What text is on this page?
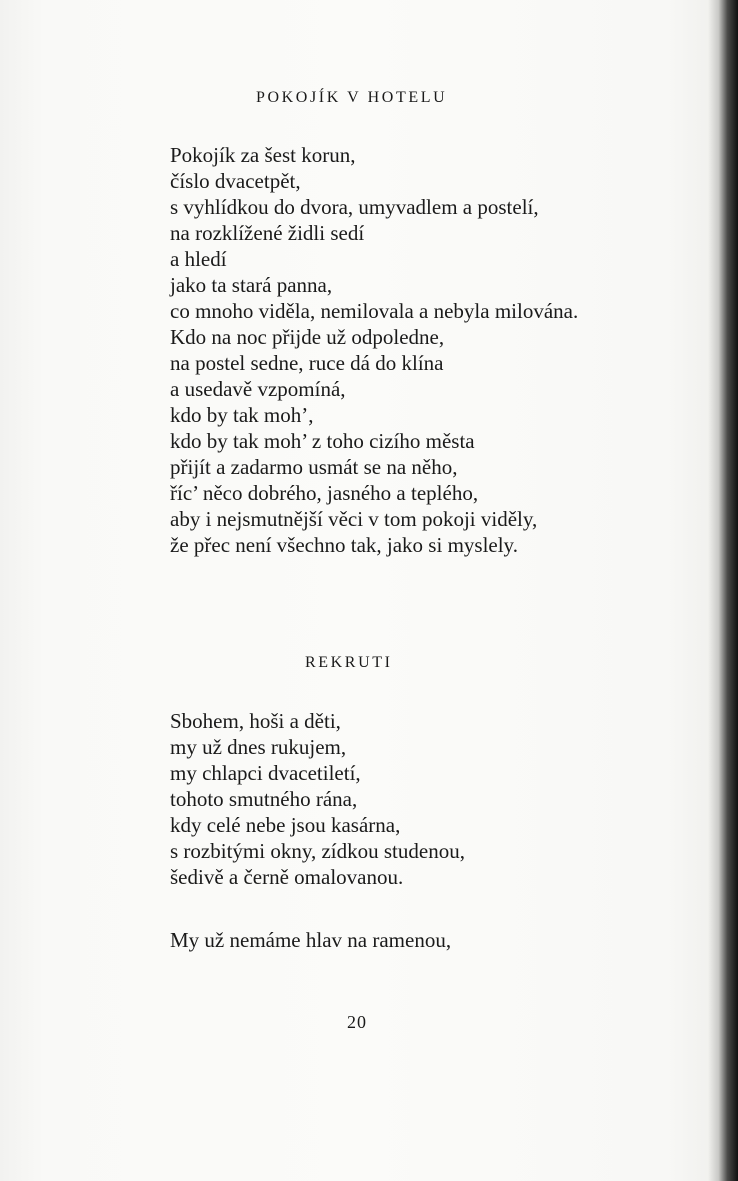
POKOJÍK V HOTELU
Pokojík za šest korun,
číslo dvacetpět,
s vyhlídkou do dvora, umyvadlem a postelí,
na rozklížené židli sedí
a hledí
jako ta stará panna,
co mnoho viděla, nemilovala a nebyla milována.
Kdo na noc přijde už odpoledne,
na postel sedne, ruce dá do klína
a usedavě vzpomíná,
kdo by tak moh’,
kdo by tak moh’ z toho cizího města
přijít a zadarmo usmát se na něho,
říc’ něco dobrého, jasného a teplého,
aby i nejsmutnější věci v tom pokoji viděly,
že přec není všechno tak, jako si myslely.
REKRUTI
Sbohem, hoši a děti,
my už dnes rukujem,
my chlapci dvacetiletí,
tohoto smutného rána,
kdy celé nebe jsou kasárna,
s rozbitými okny, zídkou studenou,
šedivě a černě omalovanou.
My už nemáme hlav na ramenou,
20
